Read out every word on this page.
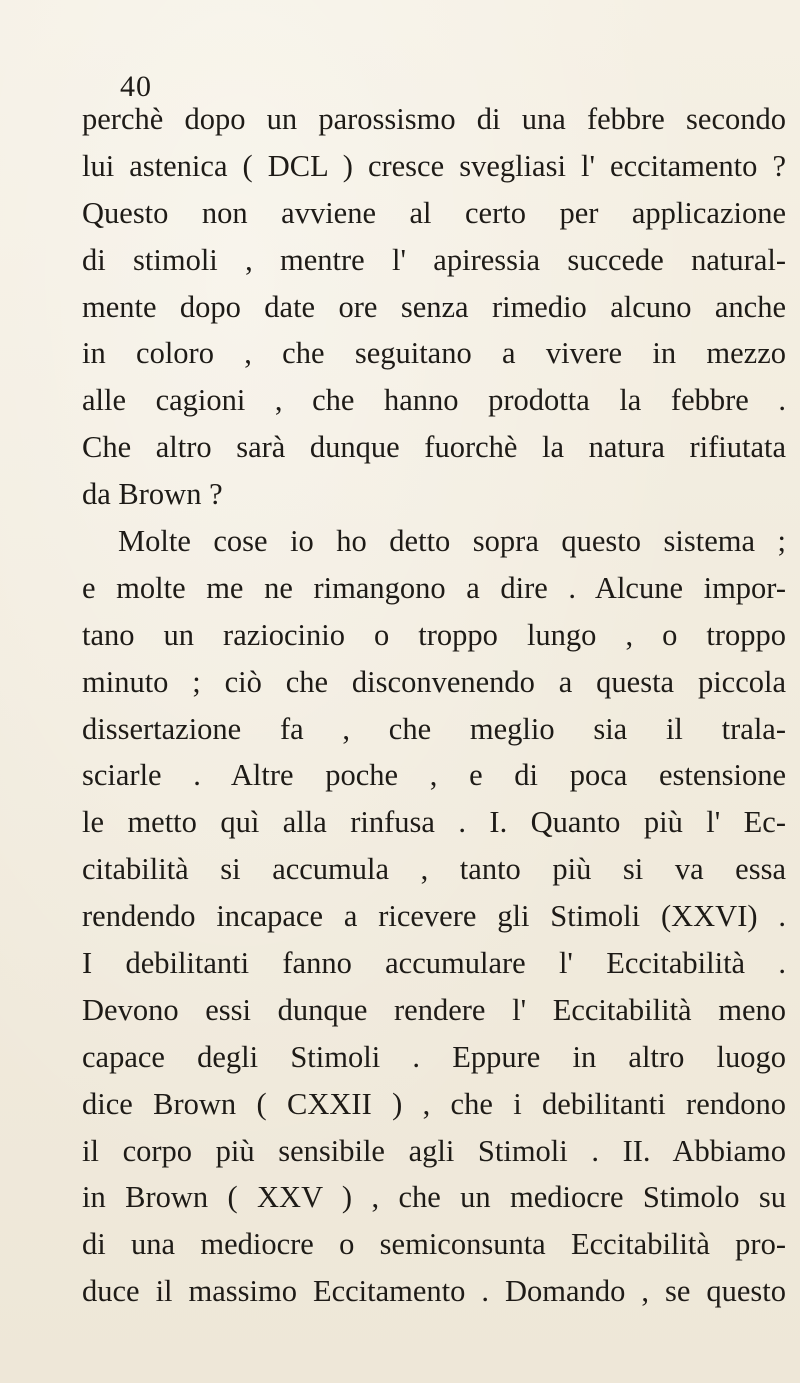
40
perchè dopo un parossismo di una febbre secondo
lui astenica ( DCL ) cresce svegliasi l' eccitamento ?
Questo non avviene al certo per applicazione
di stimoli , mentre l' apiressia succede natural-
mente dopo date ore senza rimedio alcuno anche
in coloro , che seguitano a vivere in mezzo
alle cagioni , che hanno prodotta la febbre .
Che altro sarà dunque fuorchè la natura rifiutata
da Brown ?
Molte cose io ho detto sopra questo sistema ;
e molte me ne rimangono a dire . Alcune impor-
tano un raziocinio o troppo lungo , o troppo
minuto ; ciò che disconvenendo a questa piccola
dissertazione fa , che meglio sia il trala-
sciarle . Altre poche , e di poca estensione
le metto quì alla rinfusa . I. Quanto più l' Ec-
citabilità si accumula , tanto più si va essa
rendendo incapace a ricevere gli Stimoli (XXVI) .
I debilitanti fanno accumulare l' Eccitabilità .
Devono essi dunque rendere l' Eccitabilità meno
capace degli Stimoli . Eppure in altro luogo
dice Brown ( CXXII ) , che i debilitanti rendono
il corpo più sensibile agli Stimoli . II. Abbiamo
in Brown ( XXV ) , che un mediocre Stimolo su
di una mediocre o semiconsunta Eccitabilità pro-
duce il massimo Eccitamento . Domando , se questo
